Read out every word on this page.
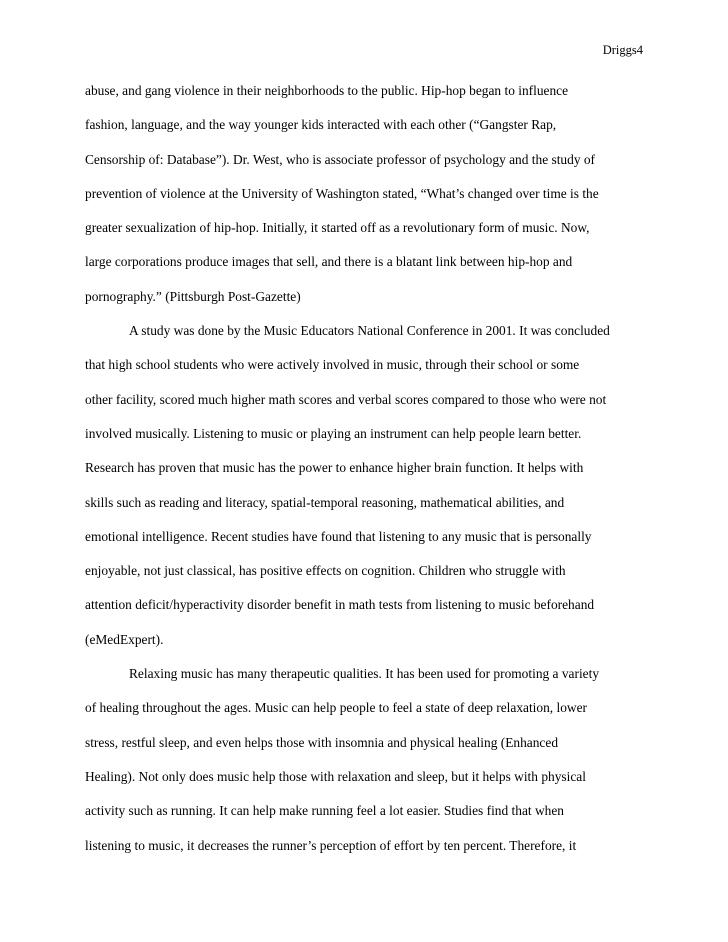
Driggs4
abuse, and gang violence in their neighborhoods to the public. Hip-hop began to influence
fashion, language, and the way younger kids interacted with each other (“Gangster Rap,
Censorship of: Database”). Dr. West, who is associate professor of psychology and the study of
prevention of violence at the University of Washington stated, “What’s changed over time is the
greater sexualization of hip-hop. Initially, it started off as a revolutionary form of music. Now,
large corporations produce images that sell, and there is a blatant link between hip-hop and
pornography.” (Pittsburgh Post-Gazette)
A study was done by the Music Educators National Conference in 2001. It was concluded
that high school students who were actively involved in music, through their school or some
other facility, scored much higher math scores and verbal scores compared to those who were not
involved musically. Listening to music or playing an instrument can help people learn better.
Research has proven that music has the power to enhance higher brain function. It helps with
skills such as reading and literacy, spatial-temporal reasoning, mathematical abilities, and
emotional intelligence. Recent studies have found that listening to any music that is personally
enjoyable, not just classical, has positive effects on cognition. Children who struggle with
attention deficit/hyperactivity disorder benefit in math tests from listening to music beforehand
(eMedExpert).
Relaxing music has many therapeutic qualities. It has been used for promoting a variety
of healing throughout the ages. Music can help people to feel a state of deep relaxation, lower
stress, restful sleep, and even helps those with insomnia and physical healing (Enhanced
Healing). Not only does music help those with relaxation and sleep, but it helps with physical
activity such as running. It can help make running feel a lot easier. Studies find that when
listening to music, it decreases the runner’s perception of effort by ten percent. Therefore, it
